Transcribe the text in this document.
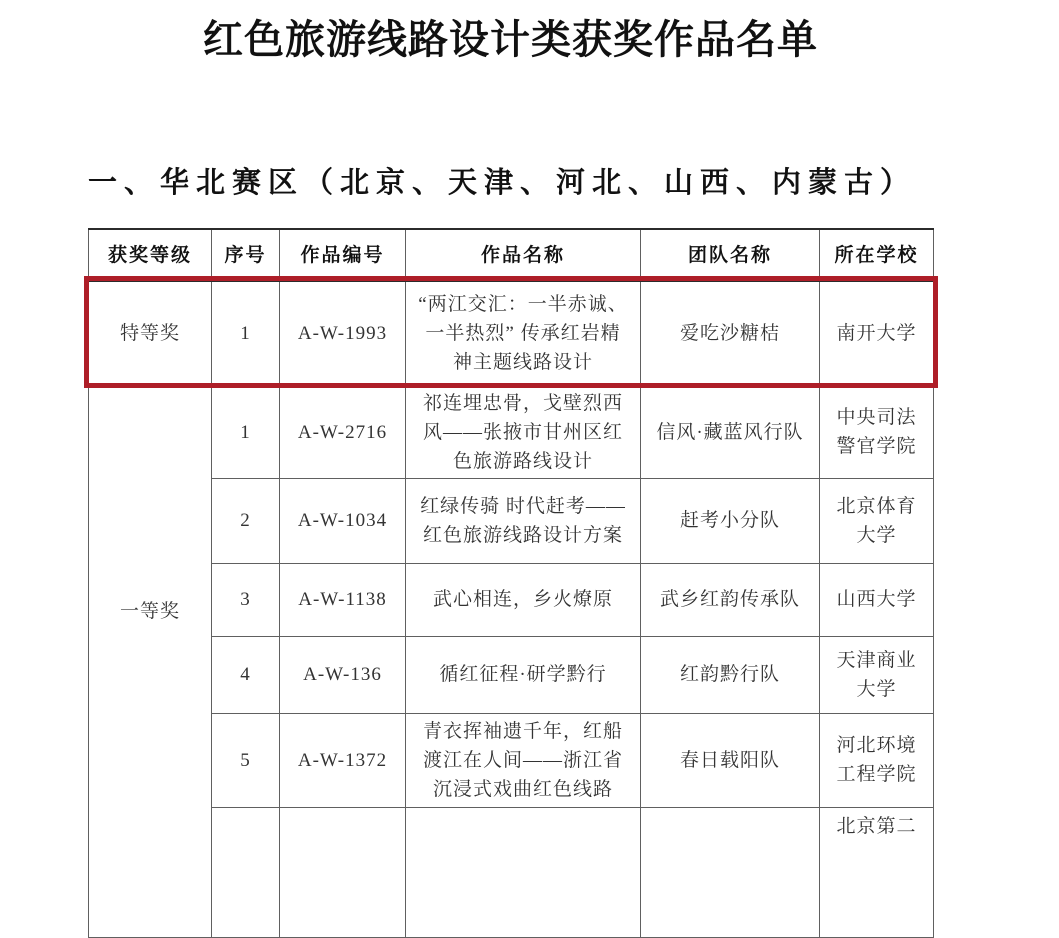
红色旅游线路设计类获奖作品名单
一、华北赛区（北京、天津、河北、山西、内蒙古）
获奖等级	序号	作品编号	作品名称	团队名称	所在学校
特等奖	1	A-W-1993	“两江交汇：一半赤诚、一半热烈” 传承红岩精神主题线路设计	爱吃沙糖桔	南开大学
一等奖	1	A-W-2716	祁连埋忠骨，戈壁烈西风——张掖市甘州区红色旅游路线设计	信风·藏蓝风行队	中央司法警官学院
	2	A-W-1034	红绿传骑 时代赶考——红色旅游线路设计方案	赶考小分队	北京体育大学
	3	A-W-1138	武心相连，乡火燎原	武乡红韵传承队	山西大学
	4	A-W-136	循红征程·研学黔行	红韵黔行队	天津商业大学
	5	A-W-1372	青衣挥袖遗千年，红船渡江在人间——浙江省沉浸式戏曲红色线路	春日载阳队	河北环境工程学院
					北京第二
